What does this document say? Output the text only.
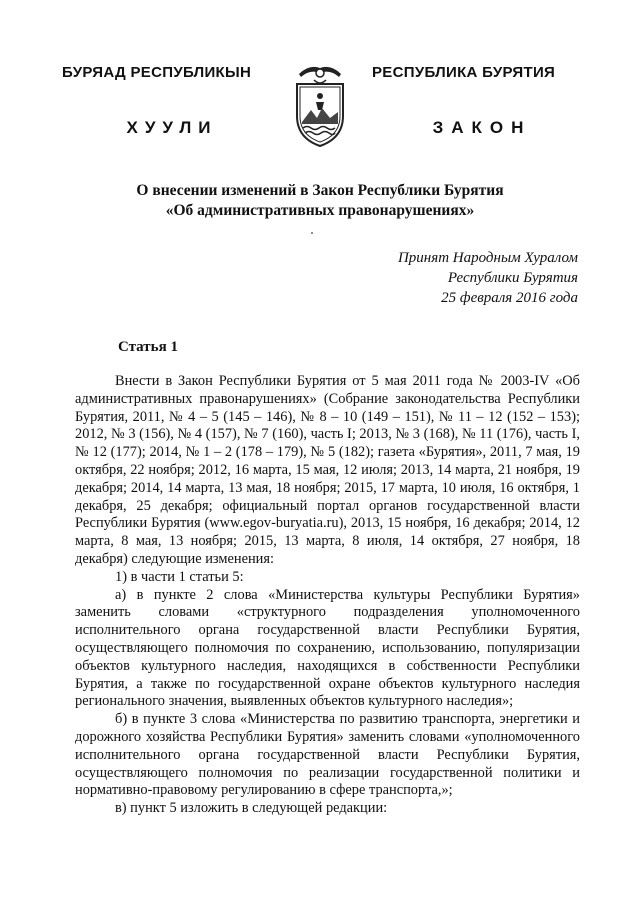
БУРЯАД РЕСПУБЛИКЫН
ХУУЛИ
РЕСПУБЛИКА БУРЯТИЯ
ЗАКОН
О внесении изменений в Закон Республики Бурятия
«Об административных правонарушениях»
Принят Народным Хуралом
Республики Бурятия
25 февраля 2016 года
Статья 1

Внести в Закон Республики Бурятия от 5 мая 2011 года № 2003-IV «Об административных правонарушениях» (Собрание законодательства Республики Бурятия, 2011, № 4 – 5 (145 – 146), № 8 – 10 (149 – 151), № 11 – 12 (152 – 153); 2012, № 3 (156), № 4 (157), № 7 (160), часть I; 2013, № 3 (168), № 11 (176), часть I, № 12 (177); 2014, № 1 – 2 (178 – 179), № 5 (182); газета «Бурятия», 2011, 7 мая, 19 октября, 22 ноября; 2012, 16 марта, 15 мая, 12 июля; 2013, 14 марта, 21 ноября, 19 декабря; 2014, 14 марта, 13 мая, 18 ноября; 2015, 17 марта, 10 июля, 16 октября, 1 декабря, 25 декабря; официальный портал органов государственной власти Республики Бурятия (www.egov-buryatia.ru), 2013, 15 ноября, 16 декабря; 2014, 12 марта, 8 мая, 13 ноября; 2015, 13 марта, 8 июля, 14 октября, 27 ноября, 18 декабря) следующие изменения:

1) в части 1 статьи 5:

а) в пункте 2 слова «Министерства культуры Республики Бурятия» заменить словами «структурного подразделения уполномоченного исполнительного органа государственной власти Республики Бурятия, осуществляющего полномочия по сохранению, использованию, популяризации объектов культурного наследия, находящихся в собственности Республики Бурятия, а также по государственной охране объектов культурного наследия регионального значения, выявленных объектов культурного наследия»;

б) в пункте 3 слова «Министерства по развитию транспорта, энергетики и дорожного хозяйства Республики Бурятия» заменить словами «уполномоченного исполнительного органа государственной власти Республики Бурятия, осуществляющего полномочия по реализации государственной политики и нормативно-правовому регулированию в сфере транспорта,»;

в) пункт 5 изложить в следующей редакции:
